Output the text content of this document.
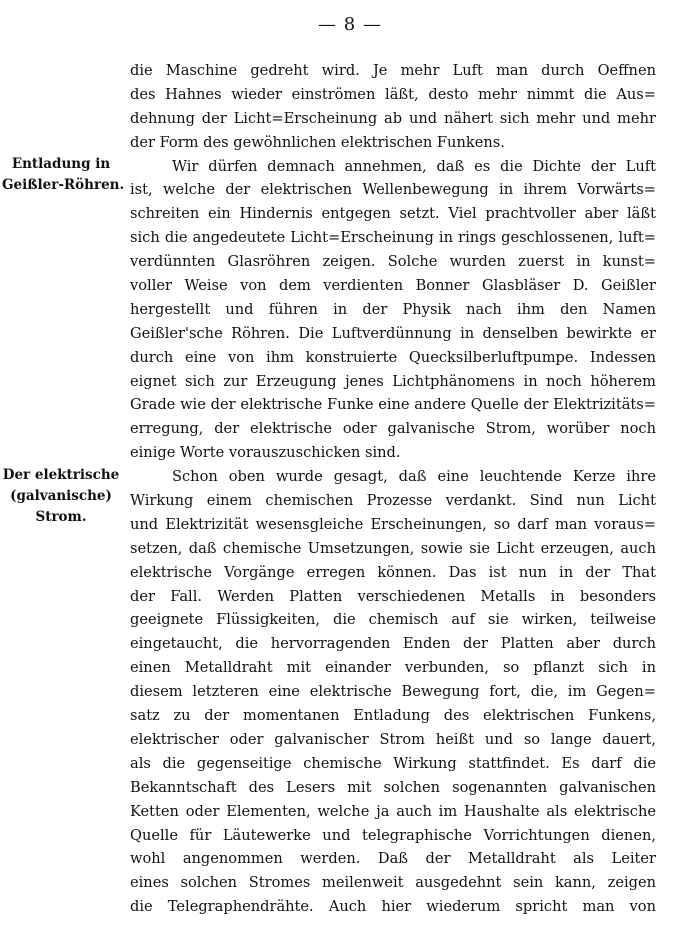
— 8 —
Entladung in
Geißler-Röhren.
Der elektrische
(galvanische)
Strom.
die Maschine gedreht wird. Je mehr Luft man durch Oeffnen
des Hahnes wieder einströmen läßt, desto mehr nimmt die Aus=
dehnung der Licht=Erscheinung ab und nähert sich mehr und mehr
der Form des gewöhnlichen elektrischen Funkens.
Wir dürfen demnach annehmen, daß es die Dichte der Luft
ist, welche der elektrischen Wellenbewegung in ihrem Vorwärts=
schreiten ein Hindernis entgegen setzt. Viel prachtvoller aber läßt
sich die angedeutete Licht=Erscheinung in rings geschlossenen, luft=
verdünnten Glasröhren zeigen. Solche wurden zuerst in kunst=
voller Weise von dem verdienten Bonner Glasbläser D. Geißler
hergestellt und führen in der Physik nach ihm den Namen
Geißler'sche Röhren. Die Luftverdünnung in denselben bewirkte er
durch eine von ihm konstruierte Quecksilberluftpumpe. Indessen
eignet sich zur Erzeugung jenes Lichtphänomens in noch höherem
Grade wie der elektrische Funke eine andere Quelle der Elektrizitäts=
erregung, der elektrische oder galvanische Strom, worüber noch
einige Worte vorauszuschicken sind.
Schon oben wurde gesagt, daß eine leuchtende Kerze ihre
Wirkung einem chemischen Prozesse verdankt. Sind nun Licht
und Elektrizität wesensgleiche Erscheinungen, so darf man voraus=
setzen, daß chemische Umsetzungen, sowie sie Licht erzeugen, auch
elektrische Vorgänge erregen können. Das ist nun in der That
der Fall. Werden Platten verschiedenen Metalls in besonders
geeignete Flüssigkeiten, die chemisch auf sie wirken, teilweise
eingetaucht, die hervorragenden Enden der Platten aber durch
einen Metalldraht mit einander verbunden, so pflanzt sich in
diesem letzteren eine elektrische Bewegung fort, die, im Gegen=
satz zu der momentanen Entladung des elektrischen Funkens,
elektrischer oder galvanischer Strom heißt und so lange dauert,
als die gegenseitige chemische Wirkung stattfindet. Es darf die
Bekanntschaft des Lesers mit solchen sogenannten galvanischen
Ketten oder Elementen, welche ja auch im Haushalte als elektrische
Quelle für Läutewerke und telegraphische Vorrichtungen dienen,
wohl angenommen werden. Daß der Metalldraht als Leiter
eines solchen Stromes meilenweit ausgedehnt sein kann, zeigen
die Telegraphendrähte. Auch hier wiederum spricht man von
